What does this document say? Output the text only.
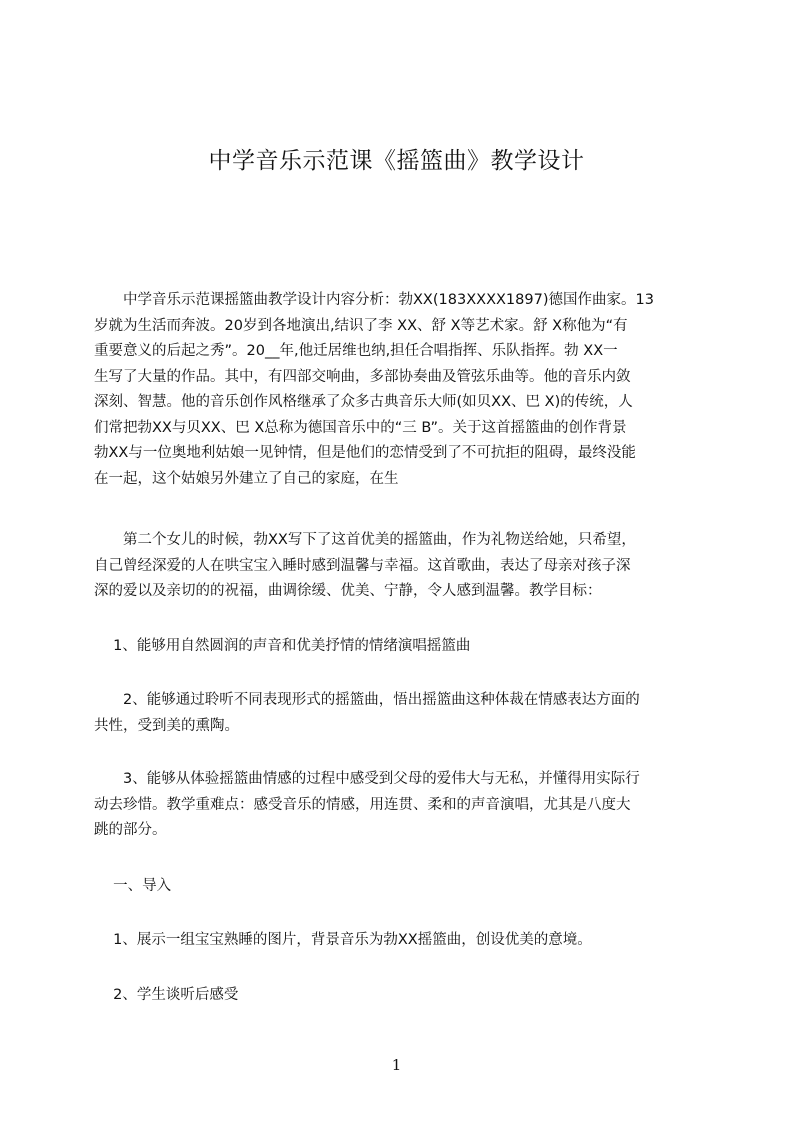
中学音乐示范课《摇篮曲》教学设计
　　中学音乐示范课摇篮曲教学设计内容分析：勃XX(183XXXX1897)德国作曲家。13
岁就为生活而奔波。20岁到各地演出,结识了李 XX、舒 X等艺术家。舒 X称他为“有
重要意义的后起之秀”。20__年,他迁居维也纳,担任合唱指挥、乐队指挥。勃 XX一
生写了大量的作品。其中，有四部交响曲，多部协奏曲及管弦乐曲等。他的音乐内敛
深刻、智慧。他的音乐创作风格继承了众多古典音乐大师(如贝XX、巴 X)的传统，人
们常把勃XX与贝XX、巴 X总称为德国音乐中的“三 B”。关于这首摇篮曲的创作背景
勃XX与一位奥地利姑娘一见钟情，但是他们的恋情受到了不可抗拒的阻碍，最终没能
在一起，这个姑娘另外建立了自己的家庭，在生
　　第二个女儿的时候，勃XX写下了这首优美的摇篮曲，作为礼物送给她，只希望，
自己曾经深爱的人在哄宝宝入睡时感到温馨与幸福。这首歌曲，表达了母亲对孩子深
深的爱以及亲切的的祝福，曲调徐缓、优美、宁静，令人感到温馨。教学目标：
　 1、能够用自然圆润的声音和优美抒情的情绪演唱摇篮曲
　　2、能够通过聆听不同表现形式的摇篮曲，悟出摇篮曲这种体裁在情感表达方面的
共性，受到美的熏陶。
　　3、能够从体验摇篮曲情感的过程中感受到父母的爱伟大与无私，并懂得用实际行
动去珍惜。教学重难点：感受音乐的情感，用连贯、柔和的声音演唱，尤其是八度大
跳的部分。
　 一、导入
　 1、展示一组宝宝熟睡的图片，背景音乐为勃XX摇篮曲，创设优美的意境。
　 2、学生谈听后感受
1
